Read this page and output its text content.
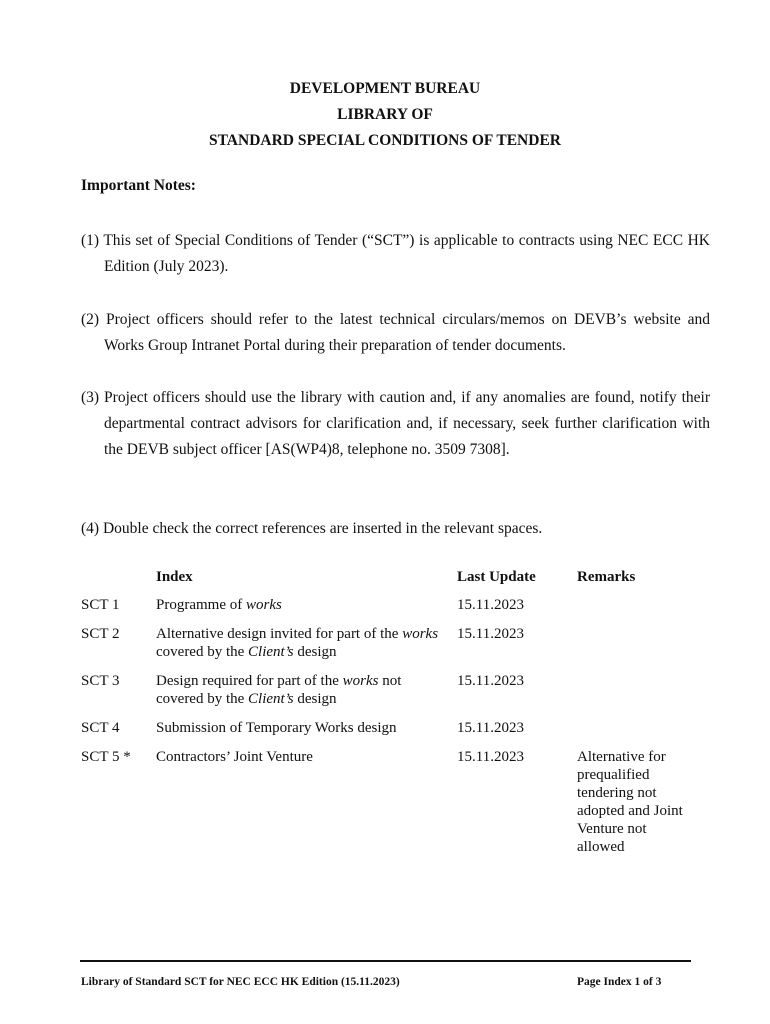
DEVELOPMENT BUREAU
LIBRARY OF
STANDARD SPECIAL CONDITIONS OF TENDER
Important Notes:
(1) This set of Special Conditions of Tender (“SCT”) is applicable to contracts using NEC ECC HK Edition (July 2023).
(2) Project officers should refer to the latest technical circulars/memos on DEVB’s website and Works Group Intranet Portal during their preparation of tender documents.
(3) Project officers should use the library with caution and, if any anomalies are found, notify their departmental contract advisors for clarification and, if necessary, seek further clarification with the DEVB subject officer [AS(WP4)8, telephone no. 3509 7308].
(4) Double check the correct references are inserted in the relevant spaces.
	Index	Last Update	Remarks
SCT 1	Programme of works	15.11.2023	
SCT 2	Alternative design invited for part of the works covered by the Client’s design	15.11.2023	
SCT 3	Design required for part of the works not covered by the Client’s design	15.11.2023	
SCT 4	Submission of Temporary Works design	15.11.2023	
SCT 5 *	Contractors’ Joint Venture	15.11.2023	Alternative for prequalified tendering not adopted and Joint Venture not allowed
Library of Standard SCT for NEC ECC HK Edition (15.11.2023)	Page Index 1 of 3
